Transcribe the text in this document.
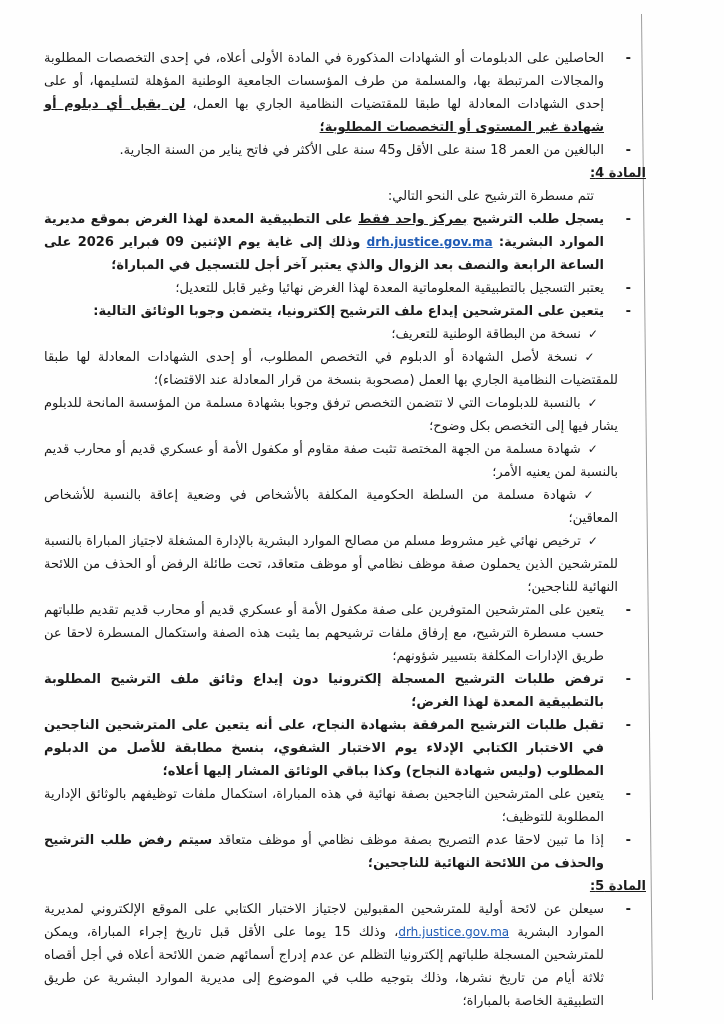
-
الحاصلين على الدبلومات أو الشهادات المذكورة في المادة الأولى أعلاه، في إحدى التخصصات المطلوبة والمجالات المرتبطة بها، والمسلمة من طرف المؤسسات الجامعية الوطنية المؤهلة لتسليمها، أو على إحدى الشهادات المعادلة لها طبقا للمقتضيات النظامية الجاري بها العمل، لن يقبل أي دبلوم أو شهادة غير المستوى أو التخصصات المطلوبة؛

-
البالغين من العمر 18 سنة على الأقل و45 سنة على الأكثر في فاتح يناير من السنة الجارية.

المادة 4:

تتم مسطرة الترشيح على النحو التالي:

-
يسجل طلب الترشيح بمركز واحد فقط على التطبيقية المعدة لهذا الغرض بموقع مديرية الموارد البشرية: drh.justice.gov.ma وذلك إلى غاية يوم الإثنين 09 فبراير 2026 على الساعة الرابعة والنصف بعد الزوال والذي يعتبر آخر أجل للتسجيل في المباراة؛

-
يعتبر التسجيل بالتطبيقية المعلوماتية المعدة لهذا الغرض نهائيا وغير قابل للتعديل؛

-
يتعين على المترشحين إيداع ملف الترشيح إلكترونيا، يتضمن وجوبا الوثائق التالية:

✓نسخة من البطاقة الوطنية للتعريف؛

✓نسخة لأصل الشهادة أو الدبلوم في التخصص المطلوب، أو إحدى الشهادات المعادلة لها طبقا للمقتضيات النظامية الجاري بها العمل (مصحوبة بنسخة من قرار المعادلة عند الاقتضاء)؛

✓بالنسبة للدبلومات التي لا تتضمن التخصص ترفق وجوبا بشهادة مسلمة من المؤسسة المانحة للدبلوم يشار فيها إلى التخصص بكل وضوح؛

✓شهادة مسلمة من الجهة المختصة تثبت صفة مقاوم أو مكفول الأمة أو عسكري قديم أو محارب قديم بالنسبة لمن يعنيه الأمر؛

✓شهادة مسلمة من السلطة الحكومية المكلفة بالأشخاص في وضعية إعاقة بالنسبة للأشخاص المعاقين؛

✓ترخيص نهائي غير مشروط مسلم من مصالح الموارد البشرية بالإدارة المشغلة لاجتياز المباراة بالنسبة للمترشحين الذين يحملون صفة موظف نظامي أو موظف متعاقد، تحت طائلة الرفض أو الحذف من اللائحة النهائية للناجحين؛

-
يتعين على المترشحين المتوفرين على صفة مكفول الأمة أو عسكري قديم أو محارب قديم تقديم طلباتهم حسب مسطرة الترشيح، مع إرفاق ملفات ترشيحهم بما يثبت هذه الصفة واستكمال المسطرة لاحقا عن طريق الإدارات المكلفة بتسيير شؤونهم؛

-
ترفض طلبات الترشيح المسجلة إلكترونيا دون إيداع وثائق ملف الترشيح المطلوبة بالتطبيقية المعدة لهذا الغرض؛

-
تقبل طلبات الترشيح المرفقة بشهادة النجاح، على أنه يتعين على المترشحين الناجحين في الاختبار الكتابي الإدلاء يوم الاختبار الشفوي، بنسخ مطابقة للأصل من الدبلوم المطلوب (وليس شهادة النجاح) وكذا بباقي الوثائق المشار إليها أعلاه؛

-
يتعين على المترشحين الناجحين بصفة نهائية في هذه المباراة، استكمال ملفات توظيفهم بالوثائق الإدارية المطلوبة للتوظيف؛

-
إذا ما تبين لاحقا عدم التصريح بصفة موظف نظامي أو موظف متعاقد سيتم رفض طلب الترشيح والحذف من اللائحة النهائية للناجحين؛

المادة 5:

-
سيعلن عن لائحة أولية للمترشحين المقبولين لاجتياز الاختبار الكتابي على الموقع الإلكتروني لمديرية الموارد البشرية drh.justice.gov.ma، وذلك 15 يوما على الأقل قبل تاريخ إجراء المباراة، ويمكن للمترشحين المسجلة طلباتهم إلكترونيا التظلم عن عدم إدراج أسمائهم ضمن اللائحة أعلاه في أجل أقصاه ثلاثة أيام من تاريخ نشرها، وذلك بتوجيه طلب في الموضوع إلى مديرية الموارد البشرية عن طريق التطبيقية الخاصة بالمباراة؛
